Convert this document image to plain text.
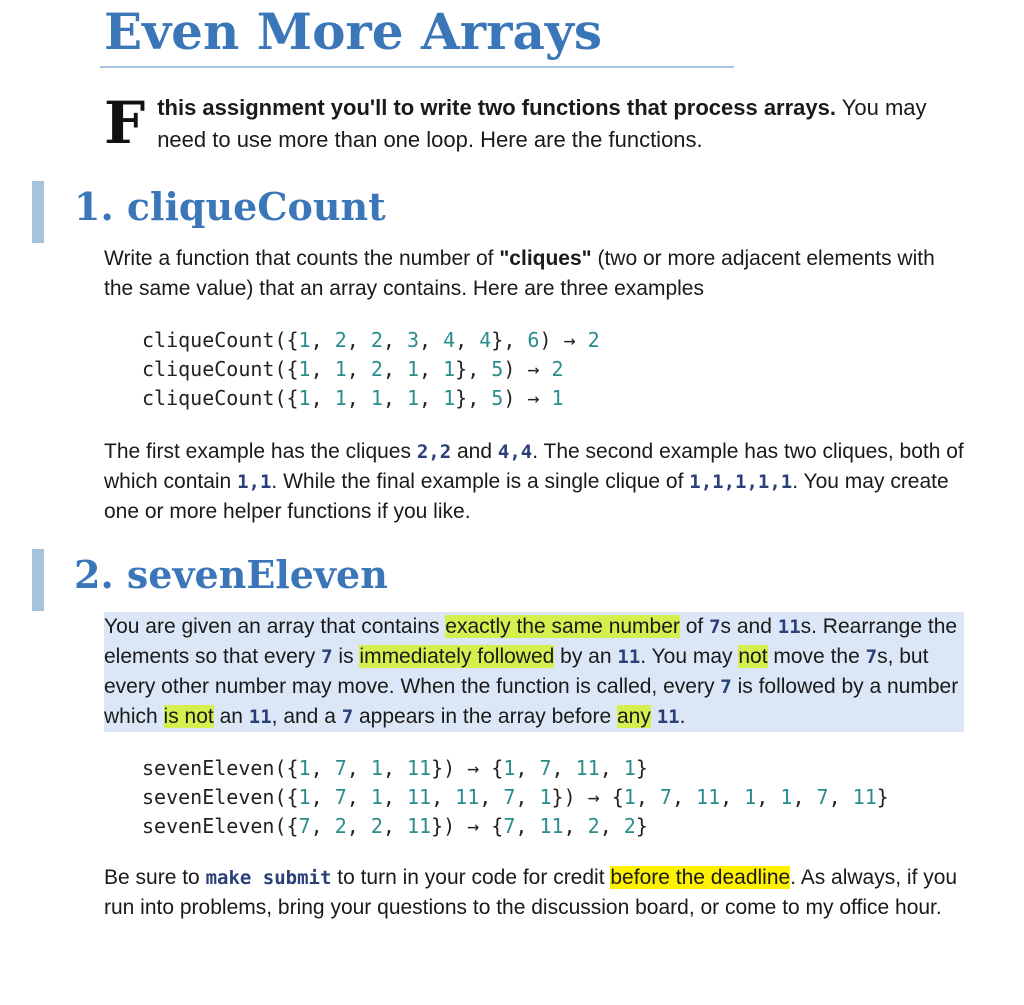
Even More Arrays
F this assignment you'll to write two functions that process arrays. You may need to use more than one loop. Here are the functions.

1. cliqueCount

Write a function that counts the number of "cliques" (two or more adjacent elements with the same value) that an array contains. Here are three examples

cliqueCount({1, 2, 2, 3, 4, 4}, 6) → 2
cliqueCount({1, 1, 2, 1, 1}, 5) → 2
cliqueCount({1, 1, 1, 1, 1}, 5) → 1

The first example has the cliques 2,2 and 4,4. The second example has two cliques, both of which contain 1,1. While the final example is a single clique of 1,1,1,1,1. You may create one or more helper functions if you like.

2. sevenEleven

You are given an array that contains exactly the same number of 7s and 11s. Rearrange the elements so that every 7 is immediately followed by an 11. You may not move the 7s, but every other number may move. When the function is called, every 7 is followed by a number which is not an 11, and a 7 appears in the array before any 11.

sevenEleven({1, 7, 1, 11}) → {1, 7, 11, 1}
sevenEleven({1, 7, 1, 11, 11, 7, 1}) → {1, 7, 11, 1, 1, 7, 11}
sevenEleven({7, 2, 2, 11}) → {7, 11, 2, 2}

Be sure to make submit to turn in your code for credit before the deadline. As always, if you run into problems, bring your questions to the discussion board, or come to my office hour.
